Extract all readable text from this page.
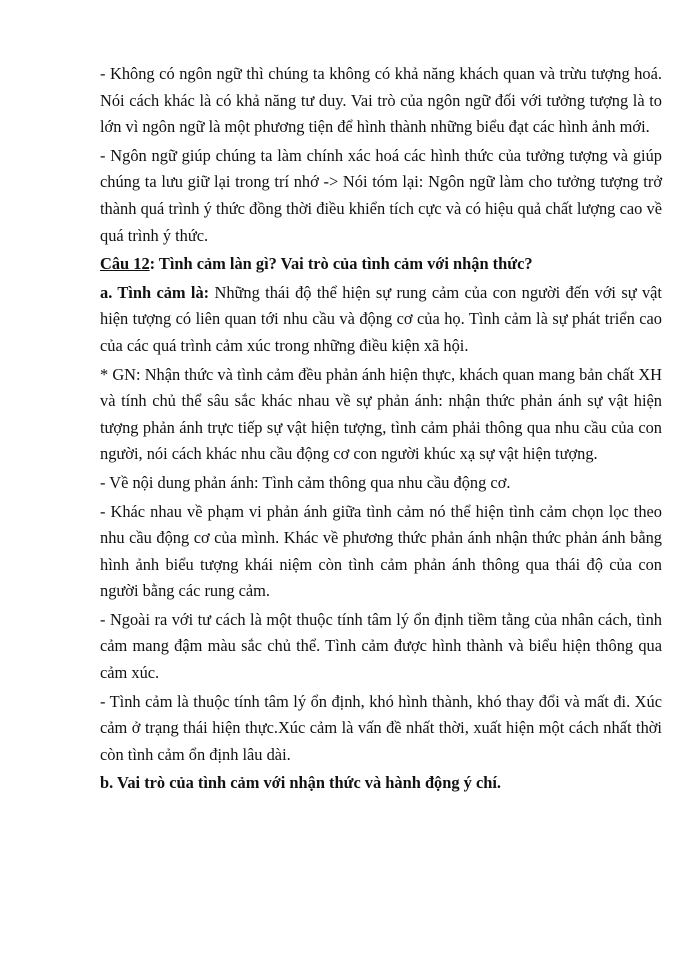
- Không có ngôn ngữ thì chúng ta không có khả năng khách quan và trừu tượng hoá. Nói cách khác là có khả năng tư duy. Vai trò của ngôn ngữ đối với tưởng tượng là to lớn vì ngôn ngữ là một phương tiện để hình thành những biểu đạt các hình ảnh mới.

- Ngôn ngữ giúp chúng ta làm chính xác hoá các hình thức của tưởng tượng và giúp chúng ta lưu giữ lại trong trí nhớ -> Nói tóm lại: Ngôn ngữ làm cho tưởng tượng trở thành quá trình ý thức đồng thời điều khiển tích cực và có hiệu quả chất lượng cao về quá trình ý thức.

Câu 12: Tình cảm làn gì? Vai trò của tình cảm với nhận thức?

a. Tình cảm là: Những thái độ thể hiện sự rung cảm của con người đến với sự vật hiện tượng có liên quan tới nhu cầu và động cơ của họ. Tình cảm là sự phát triển cao của các quá trình cảm xúc trong những điều kiện xã hội.

* GN: Nhận thức và tình cảm đều phản ánh hiện thực, khách quan mang bản chất XH và tính chủ thể sâu sắc khác nhau về sự phản ánh: nhận thức phản ánh sự vật hiện tượng phản ánh trực tiếp sự vật hiện tượng, tình cảm phải thông qua nhu cầu của con người, nói cách khác nhu cầu động cơ con người khúc xạ sự vật hiện tượng.

- Về nội dung phản ánh: Tình cảm thông qua nhu cầu động cơ.

- Khác nhau về phạm vi phản ánh giữa tình cảm nó thể hiện tình cảm chọn lọc theo nhu cầu động cơ của mình. Khác về phương thức phản ánh nhận thức phản ánh bằng hình ảnh biểu tượng khái niệm còn tình cảm phản ánh thông qua thái độ của con người bằng các rung cảm.

- Ngoài ra với tư cách là một thuộc tính tâm lý ổn định tiềm tằng của nhân cách, tình cảm mang đậm màu sắc chủ thể. Tình cảm được hình thành và biểu hiện thông qua cảm xúc.

- Tình cảm là thuộc tính tâm lý ổn định, khó hình thành, khó thay đổi và mất đi. Xúc cảm ở trạng thái hiện thực.Xúc cảm là vấn đề nhất thời, xuất hiện một cách nhất thời còn tình cảm ổn định lâu dài.

b. Vai trò của tình cảm với nhận thức và hành động ý chí.
